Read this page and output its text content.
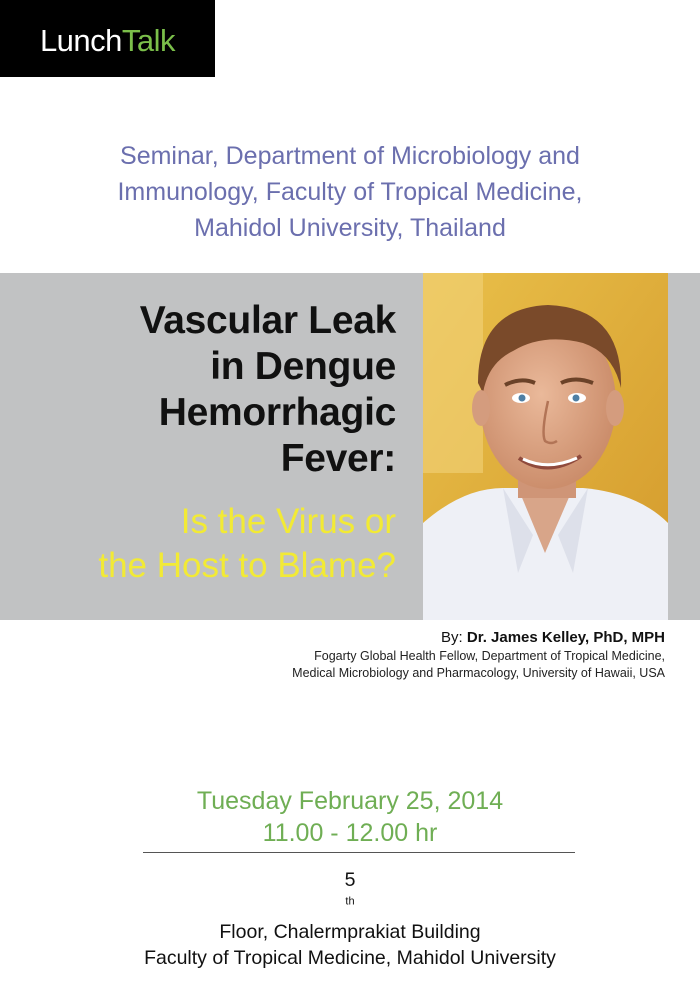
Lunch Talk
Seminar, Department of Microbiology and
Immunology, Faculty of Tropical Medicine,
Mahidol University, Thailand
Vascular Leak
in Dengue
Hemorrhagic
Fever:
Is the Virus or
the Host to Blame?
By: Dr. James Kelley, PhD, MPH
Fogarty Global Health Fellow, Department of Tropical Medicine,
Medical Microbiology and Pharmacology, University of Hawaii, USA
Tuesday February 25, 2014
11.00 - 12.00 hr
5
$^{th}$
Floor, Chalermprakiat Building
Faculty of Tropical Medicine, Mahidol University
